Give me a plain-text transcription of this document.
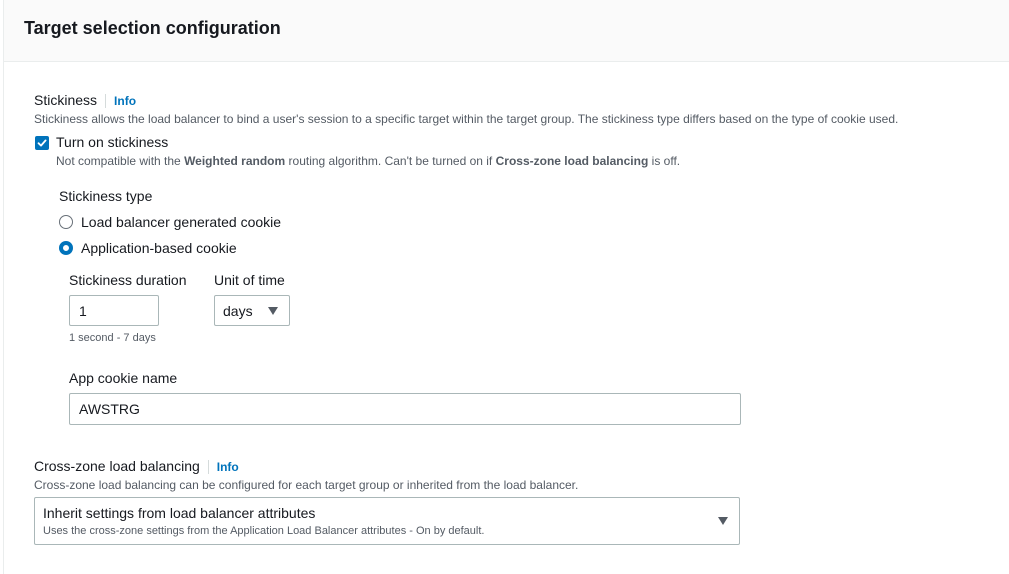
Target selection configuration
Stickiness Info
Stickiness allows the load balancer to bind a user's session to a specific target within the target group. The stickiness type differs based on the type of cookie used.
Turn on stickiness
Not compatible with the Weighted random routing algorithm. Can't be turned on if Cross-zone load balancing is off.
Stickiness type
Load balancer generated cookie
Application-based cookie
Stickiness duration
1
1 second - 7 days
Unit of time
days
App cookie name
AWSTRG
Cross-zone load balancing Info
Cross-zone load balancing can be configured for each target group or inherited from the load balancer.
Inherit settings from load balancer attributes
Uses the cross-zone settings from the Application Load Balancer attributes - On by default.
